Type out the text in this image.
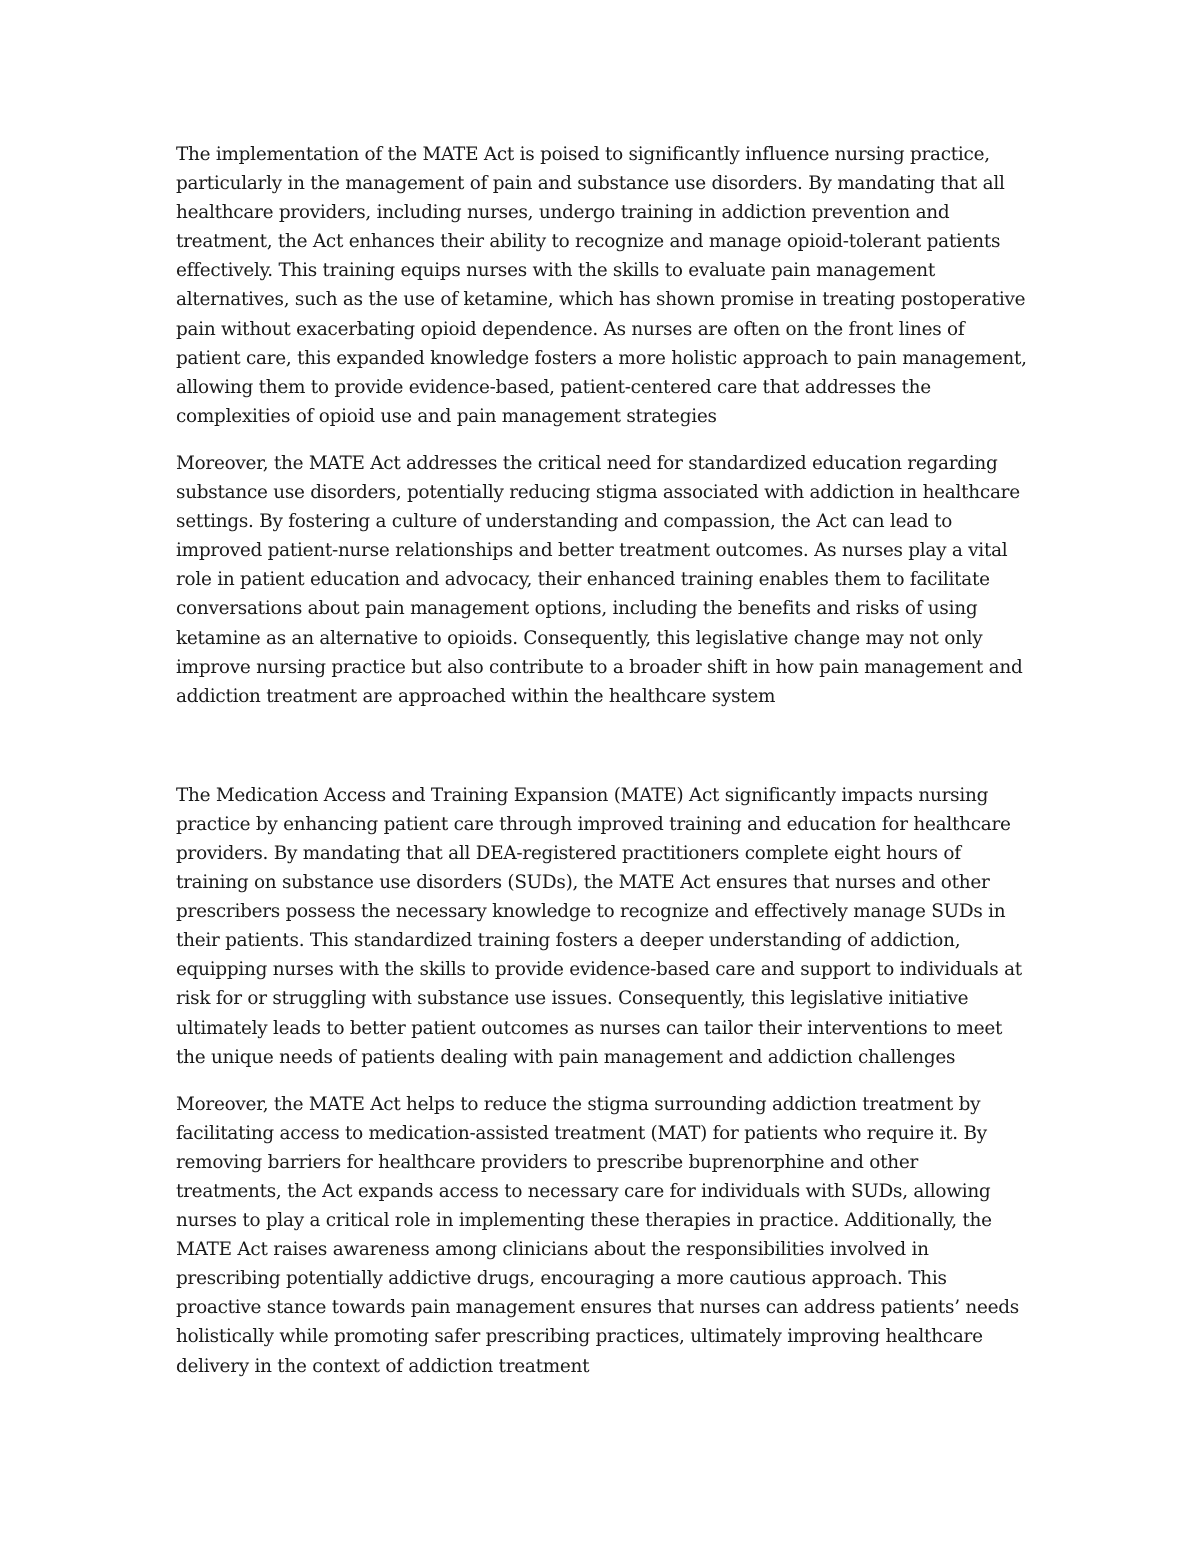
The implementation of the MATE Act is poised to significantly influence nursing practice, particularly in the management of pain and substance use disorders. By mandating that all healthcare providers, including nurses, undergo training in addiction prevention and treatment, the Act enhances their ability to recognize and manage opioid-tolerant patients effectively. This training equips nurses with the skills to evaluate pain management alternatives, such as the use of ketamine, which has shown promise in treating postoperative pain without exacerbating opioid dependence. As nurses are often on the front lines of patient care, this expanded knowledge fosters a more holistic approach to pain management, allowing them to provide evidence-based, patient-centered care that addresses the complexities of opioid use and pain management strategies

Moreover, the MATE Act addresses the critical need for standardized education regarding substance use disorders, potentially reducing stigma associated with addiction in healthcare settings. By fostering a culture of understanding and compassion, the Act can lead to improved patient-nurse relationships and better treatment outcomes. As nurses play a vital role in patient education and advocacy, their enhanced training enables them to facilitate conversations about pain management options, including the benefits and risks of using ketamine as an alternative to opioids. Consequently, this legislative change may not only improve nursing practice but also contribute to a broader shift in how pain management and addiction treatment are approached within the healthcare system

The Medication Access and Training Expansion (MATE) Act significantly impacts nursing practice by enhancing patient care through improved training and education for healthcare providers. By mandating that all DEA-registered practitioners complete eight hours of training on substance use disorders (SUDs), the MATE Act ensures that nurses and other prescribers possess the necessary knowledge to recognize and effectively manage SUDs in their patients. This standardized training fosters a deeper understanding of addiction, equipping nurses with the skills to provide evidence-based care and support to individuals at risk for or struggling with substance use issues. Consequently, this legislative initiative ultimately leads to better patient outcomes as nurses can tailor their interventions to meet the unique needs of patients dealing with pain management and addiction challenges

Moreover, the MATE Act helps to reduce the stigma surrounding addiction treatment by facilitating access to medication-assisted treatment (MAT) for patients who require it. By removing barriers for healthcare providers to prescribe buprenorphine and other treatments, the Act expands access to necessary care for individuals with SUDs, allowing nurses to play a critical role in implementing these therapies in practice. Additionally, the MATE Act raises awareness among clinicians about the responsibilities involved in prescribing potentially addictive drugs, encouraging a more cautious approach. This proactive stance towards pain management ensures that nurses can address patients’ needs holistically while promoting safer prescribing practices, ultimately improving healthcare delivery in the context of addiction treatment
